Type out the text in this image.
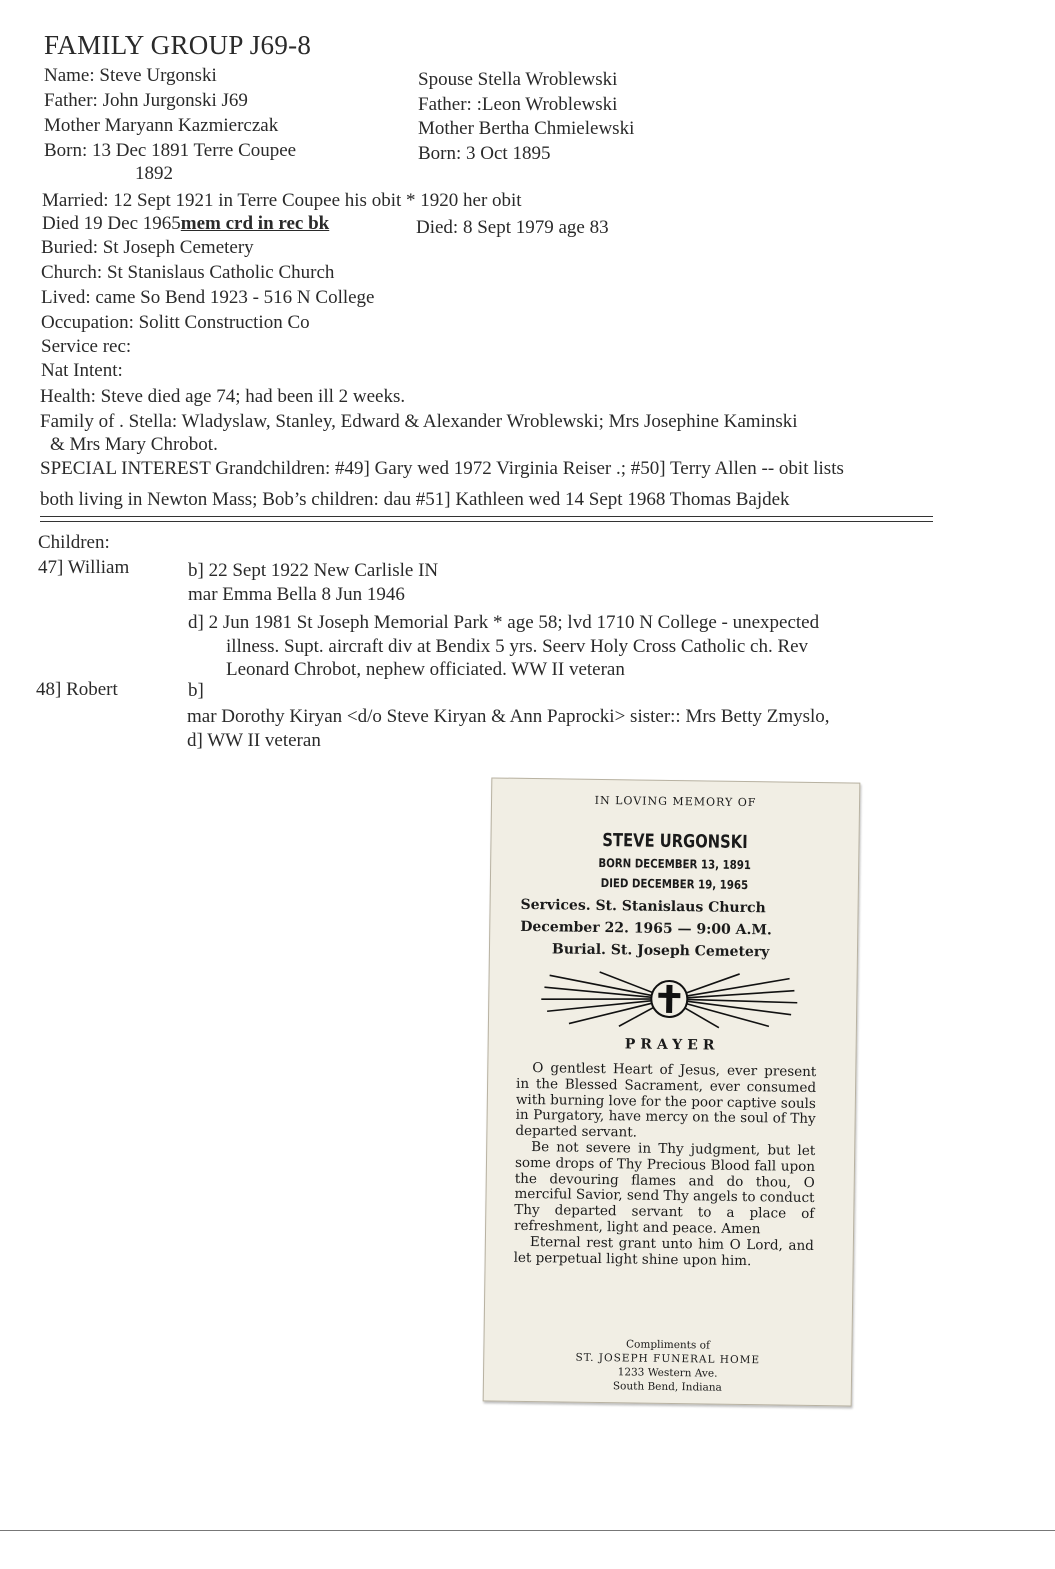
FAMILY GROUP J69-8
Name: Steve Urgonski
Father: John Jurgonski J69
Mother Maryann Kazmierczak
Born: 13 Dec 1891 Terre Coupee
1892
Spouse Stella Wroblewski
Father: :Leon Wroblewski
Mother Bertha Chmielewski
Born: 3 Oct 1895
Married: 12 Sept 1921 in Terre Coupee his obit * 1920 her obit
Died 19 Dec 1965mem crd in rec bk	Died: 8 Sept 1979 age 83
Buried: St Joseph Cemetery
Church: St Stanislaus Catholic Church
Lived: came So Bend 1923 - 516 N College
Occupation: Solitt Construction Co
Service rec:
Nat Intent:
Health: Steve died age 74; had been ill 2 weeks.
Family of . Stella: Wladyslaw, Stanley, Edward & Alexander Wroblewski; Mrs Josephine Kaminski
& Mrs Mary Chrobot.
SPECIAL INTEREST Grandchildren: #49] Gary wed 1972 Virginia Reiser .; #50] Terry Allen -- obit lists
both living in Newton Mass; Bob’s children: dau #51] Kathleen wed 14 Sept 1968 Thomas Bajdek
Children:
47] William	b] 22 Sept 1922 New Carlisle IN
mar Emma Bella 8 Jun 1946
d] 2 Jun 1981 St Joseph Memorial Park * age 58; lvd 1710 N College - unexpected
illness. Supt. aircraft div at Bendix 5 yrs. Seerv Holy Cross Catholic ch. Rev
Leonard Chrobot, nephew officiated. WW II veteran
48] Robert	b]
mar Dorothy Kiryan <d/o Steve Kiryan & Ann Paprocki> sister:: Mrs Betty Zmyslo,
d] WW II veteran
IN LOVING MEMORY OF
STEVE URGONSKI
BORN DECEMBER 13, 1891
DIED DECEMBER 19, 1965
Services. St. Stanislaus Church
December 22. 1965 — 9:00 A.M.
Burial. St. Joseph Cemetery
PRAYER

O gentlest Heart of Jesus, ever present in the Blessed Sacrament, ever consumed with burning love for the poor captive souls in Purgatory, have mercy on the soul of Thy departed servant.

Be not severe in Thy judgment, but let some drops of Thy Precious Blood fall upon the devouring flames and do thou, O merciful Savior, send Thy angels to conduct Thy departed servant to a place of refreshment, light and peace. Amen

Eternal rest grant unto him O Lord, and let perpetual light shine upon him.

Compliments of
ST. JOSEPH FUNERAL HOME
1233 Western Ave.
South Bend, Indiana
